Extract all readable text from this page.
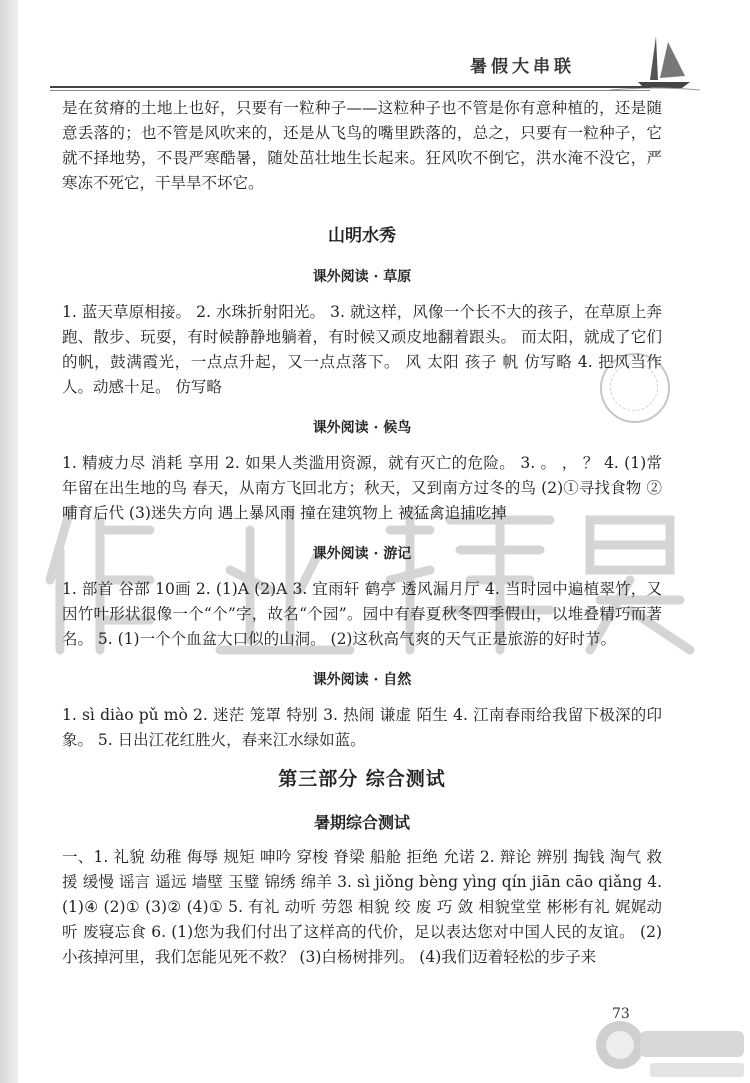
暑假大串联

是在贫瘠的土地上也好，只要有一粒种子——这粒种子也不管是你有意种植的，还是随意丢落的；也不管是风吹来的，还是从飞鸟的嘴里跌落的，总之，只要有一粒种子，它就不择地势，不畏严寒酷暑，随处茁壮地生长起来。狂风吹不倒它，洪水淹不没它，严寒冻不死它，干旱旱不坏它。

山明水秀
课外阅读 · 草原

1. 蓝天草原相接。 2. 水珠折射阳光。 3. 就这样，风像一个长不大的孩子，在草原上奔跑、散步、玩耍，有时候静静地躺着，有时候又顽皮地翻着跟头。 而太阳，就成了它们的帆，鼓满霞光，一点点升起，又一点点落下。 风 太阳 孩子 帆 仿写略 4. 把风当作人。动感十足。 仿写略

课外阅读 · 候鸟

1. 精疲力尽 消耗 享用 2. 如果人类滥用资源，就有灭亡的危险。 3. 。 ， ？ 4. (1)常年留在出生地的鸟 春天，从南方飞回北方；秋天，又到南方过冬的鸟 (2)①寻找食物 ②哺育后代 (3)迷失方向 遇上暴风雨 撞在建筑物上 被猛禽追捕吃掉

课外阅读 · 游记

1. 部首 谷部 10画 2. (1)A (2)A 3. 宜雨轩 鹤亭 透风漏月厅 4. 当时园中遍植翠竹，又因竹叶形状很像一个“个”字，故名“个园”。园中有春夏秋冬四季假山，以堆叠精巧而著名。 5. (1)一个个血盆大口似的山洞。 (2)这秋高气爽的天气正是旅游的好时节。

课外阅读 · 自然

1. sì diào pǔ mò 2. 迷茫 笼罩 特别 3. 热闹 谦虚 陌生 4. 江南春雨给我留下极深的印象。 5. 日出江花红胜火，春来江水绿如蓝。

第三部分 综合测试
暑期综合测试

一、1. 礼貌 幼稚 侮辱 规矩 呻吟 穿梭 脊梁 船舱 拒绝 允诺 2. 辩论 辨别 掏钱 淘气 救援 缓慢 谣言 遥远 墙壁 玉璧 锦绣 绵羊 3. sì jiǒng bèng yìng qín jiān cāo qiǎng 4. (1)④ (2)① (3)② (4)① 5. 有礼 动听 劳怨 相貌 绞 废 巧 敛 相貌堂堂 彬彬有礼 娓娓动听 废寝忘食 6. (1)您为我们付出了这样高的代价，足以表达您对中国人民的友谊。 (2)小孩掉河里，我们怎能见死不救？ (3)白杨树排列。 (4)我们迈着轻松的步子来

73
